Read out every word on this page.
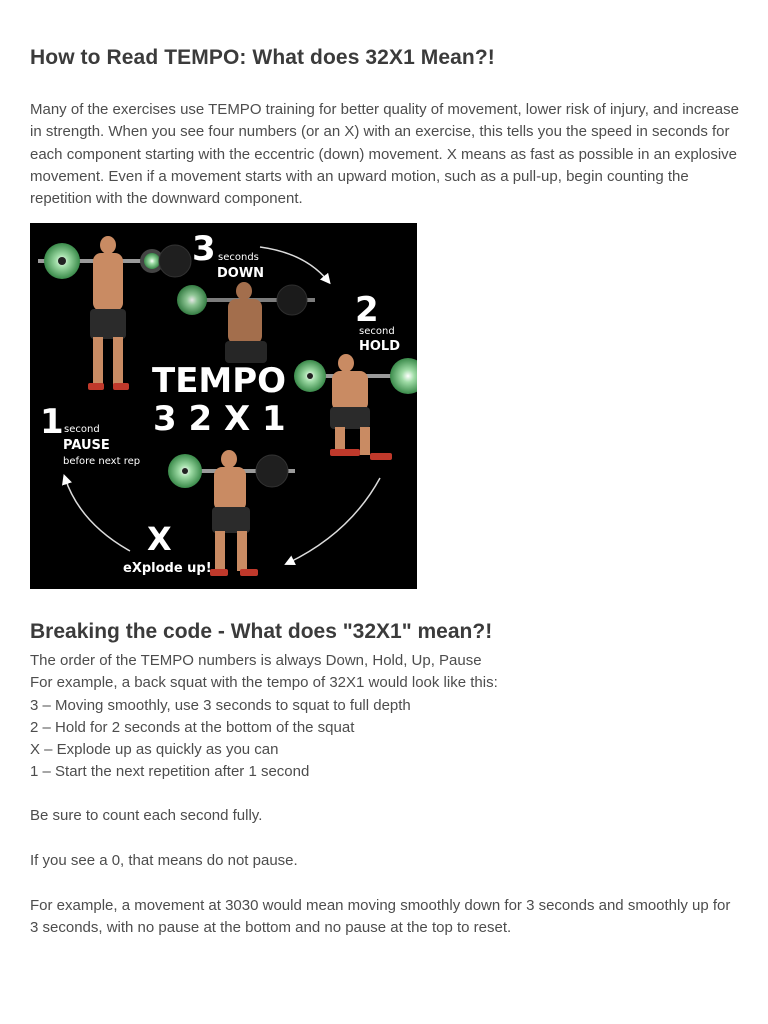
How to Read TEMPO: What does 32X1 Mean?!

Many of the exercises use TEMPO training for better quality of movement, lower risk of injury, and increase in strength. When you see four numbers (or an X) with an exercise, this tells you the speed in seconds for each component starting with the eccentric (down) movement. X means as fast as possible in an explosive movement. Even if a movement starts with an upward motion, such as a pull-up, begin counting the repetition with the downward component.

3 seconds
DOWN
2
second
HOLD
TEMPO
3 2 X 1
1 second
PAUSE
before next rep
X
eXplode up!
Breaking the code - What does "32X1" mean?!
The order of the TEMPO numbers is always Down, Hold, Up, Pause
For example, a back squat with the tempo of 32X1 would look like this:
3 – Moving smoothly, use 3 seconds to squat to full depth
2 – Hold for 2 seconds at the bottom of the squat
X – Explode up as quickly as you can
1 – Start the next repetition after 1 second

Be sure to count each second fully.

If you see a 0, that means do not pause.

For example, a movement at 3030 would mean moving smoothly down for 3 seconds and smoothly up for 3 seconds, with no pause at the bottom and no pause at the top to reset.
